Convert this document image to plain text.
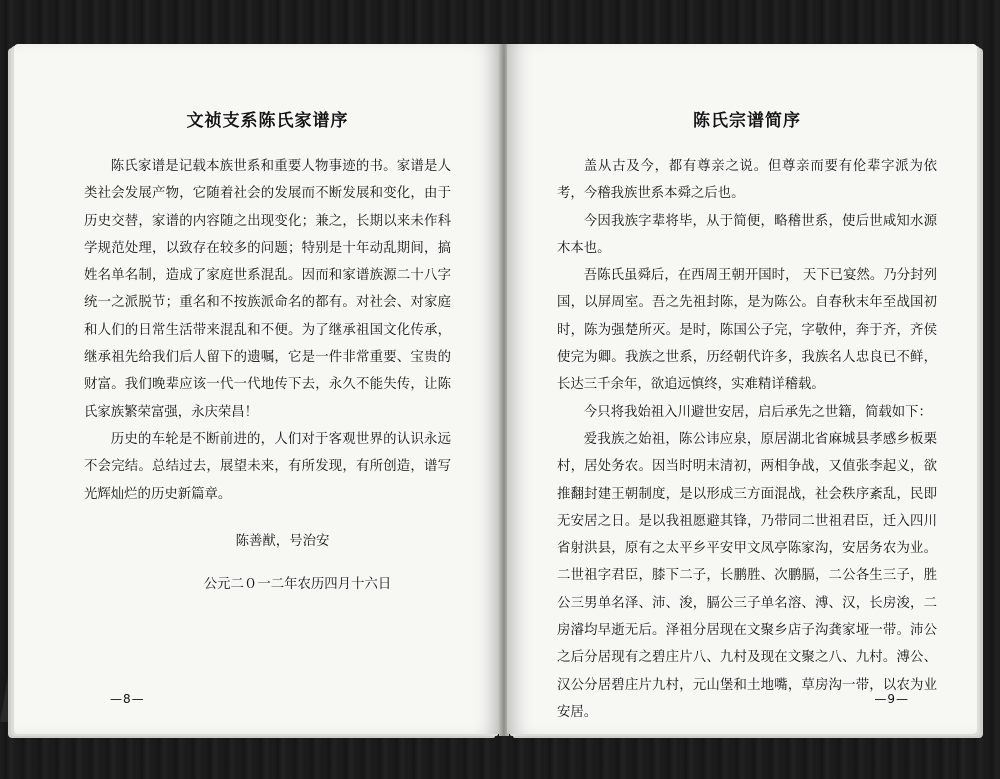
文祯支系陈氏家谱序

陈氏家谱是记载本族世系和重要人物事迹的书。家谱是人类社会发展产物，它随着社会的发展而不断发展和变化，由于历史交替，家谱的内容随之出现变化；兼之，长期以来未作科学规范处理，以致存在较多的问题；特别是十年动乱期间，搞姓名单名制，造成了家庭世系混乱。因而和家谱族源二十八字统一之派脱节；重名和不按族派命名的都有。对社会、对家庭和人们的日常生活带来混乱和不便。为了继承祖国文化传承，继承祖先给我们后人留下的遗嘱，它是一件非常重要、宝贵的财富。我们晚辈应该一代一代地传下去，永久不能失传，让陈氏家族繁荣富强，永庆荣昌！

历史的车轮是不断前进的，人们对于客观世界的认识永远不会完结。总结过去，展望未来，有所发现，有所创造，谱写光辉灿烂的历史新篇章。

陈善猷，号治安

公元二０一二年农历四月十六日

—8—
陈氏宗谱简序

盖从古及今，都有尊亲之说。但尊亲而要有伦辈字派为依考，今稽我族世系本舜之后也。

今因我族字辈将毕，从于简便，略稽世系，使后世咸知水源木本也。

吾陈氏虽舜后，在西周王朝开国时， 天下已宴然。乃分封列国，以屏周室。吾之先祖封陈，是为陈公。自春秋末年至战国初时，陈为强楚所灭。是时，陈国公子完，字敬仲，奔于齐，齐侯使完为卿。我族之世系，历经朝代许多，我族名人忠良已不鲜，长达三千余年，欲追远慎终，实难精详稽载。

今只将我始祖入川避世安居，启后承先之世籍，简载如下：

爱我族之始祖，陈公讳应泉，原居湖北省麻城县孝感乡板栗村，居处务农。因当时明末清初，两相争战，又值张李起义，欲推翻封建王朝制度，是以形成三方面混战，社会秩序紊乱，民即无安居之日。是以我祖愿避其锋，乃带同二世祖君臣，迁入四川省射洪县，原有之太平乡平安甲文凤亭陈家沟，安居务农为业。二世祖字君臣，膝下二子，长鹏胜、次鹏膈，二公各生三子，胜公三男单名泽、沛、浚，膈公三子单名溶、溥、汉，长房浚，二房濬均早逝无后。泽祖分居现在文聚乡店子沟龚家垭一带。沛公之后分居现有之碧庄片八、九村及现在文聚之八、九村。溥公、汉公分居碧庄片九村，元山堡和土地嘴，草房沟一带，以农为业安居。

—9—
